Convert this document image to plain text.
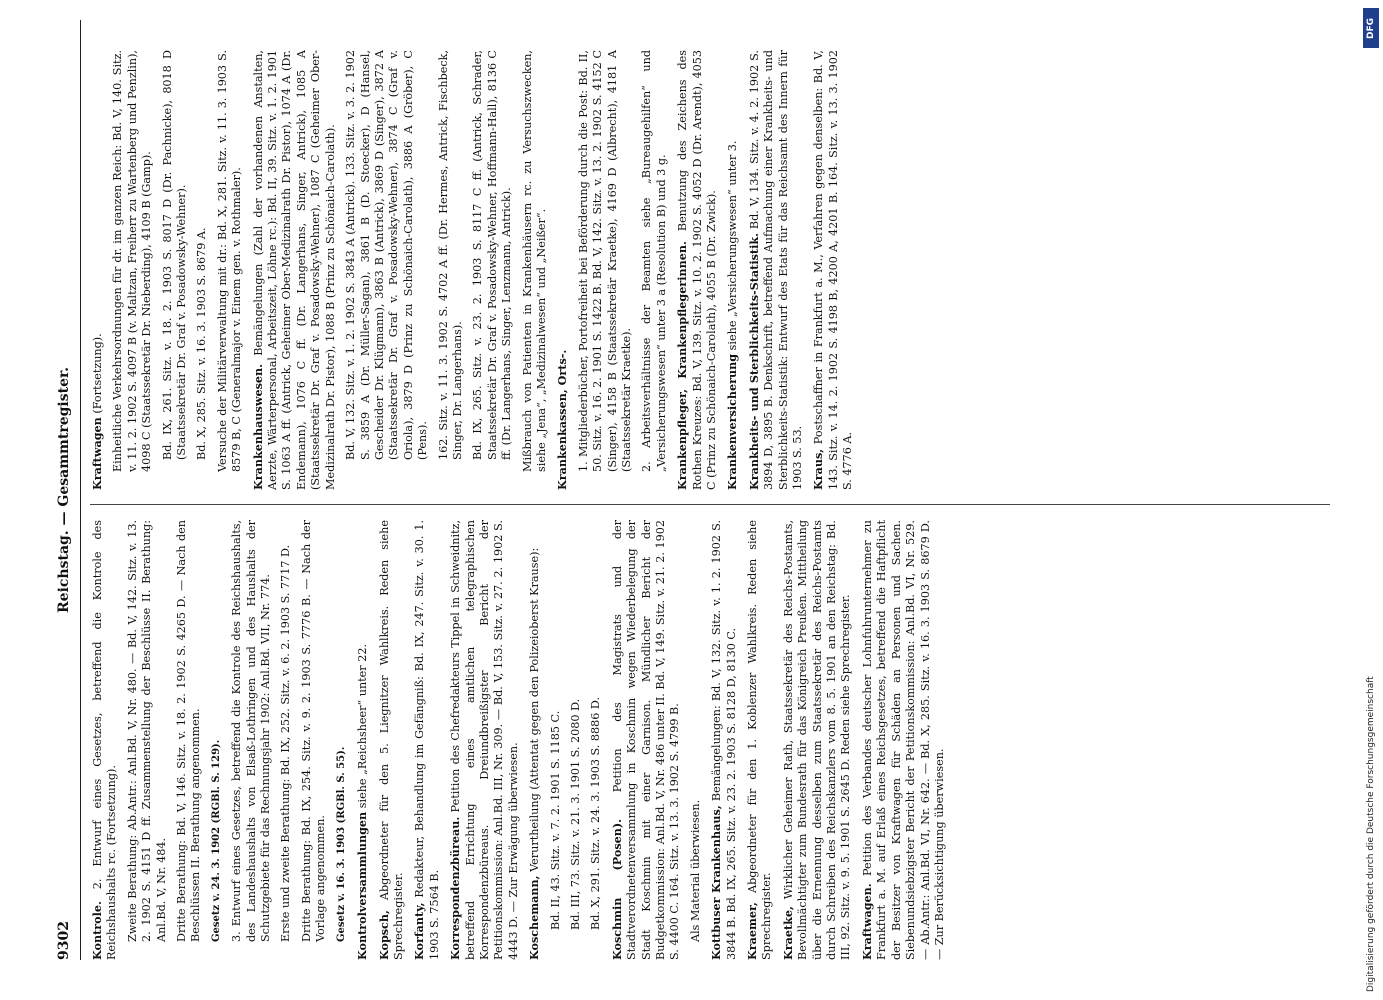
9302
Reichstag. — Gesammtregister.
Kontrole. 2. Entwurf eines Gesetzes, betreffend die Kontrole des Reichshaushalts rc. (Fortsetzung). Zweite Berathung: Ab.Antr.: Anl.Bd. V, Nr. 480. — Bd. V, 142. Sitz. v. 13. 2. 1902 S. 4151 D ff. Zusammenstellung der Beschlüsse II. Berathung: Anl.Bd. V, Nr. 484. Dritte Berathung: Bd. V, 146. Sitz. v. 18. 2. 1902 S. 4265 D. — Nach den Beschlüssen II. Berathung angenommen. Gesetz v. 24. 3. 1902 (RGBl. S. 129). 3. Entwurf eines Gesetzes, betreffend die Kontrole des Reichshaushalts, des Landeshaushalts von Elsaß-Lothringen und des Haushalts der Schutzgebiete für das Rechnungsjahr 1902: Anl.Bd. VII, Nr. 774. Erste und zweite Berathung: Bd. IX, 252. Sitz. v. 6. 2. 1903 S. 7717 D. Dritte Berathung: Bd. IX, 254. Sitz. v. 9. 2. 1903 S. 7776 B. — Nach der Vorlage angenommen. Gesetz v. 16. 3. 1903 (RGBl. S. 55). Kontrolversammlungen siehe „Reichsheer“ unter 22.
Kopsch, Abgeordneter für den 5. Liegnitzer Wahlkreis. Reden siehe Sprechregister. Korfanty, Redakteur, Behandlung im Gefängniß: Bd. IX, 247. Sitz. v. 30. 1. 1903 S. 7564 B. Korrespondenzbüreau. Petition des Chefredakteurs Tippel in Schweidnitz, betreffend Errichtung eines amtlichen telegraphischen Korrespondenzbüreaus. Dreiundbreißigster Bericht der Petitionskommission: Anl.Bd. III, Nr. 309. — Bd. V, 153. Sitz. v. 27. 2. 1902 S. 4443 D. — Zur Erwägung überwiesen. Koschemann, Verurtheilung (Attentat gegen den Polizeioberst Krause): Bd. II, 43. Sitz. v. 7. 2. 1901 S. 1185 C. Bd. III, 73. Sitz. v. 21. 3. 1901 S. 2080 D. Bd. X, 291. Sitz. v. 24. 3. 1903 S. 8886 D. Koschmin (Posen). Petition des Magistrats und der Stadtverordnetenversammlung in Koschmin wegen Wiederbelegung der Stadt Koschmin mit einer Garnison. Mündlicher Bericht der Budgetkommission: Anl.Bd. V, Nr. 486 unter II. Bd. V, 149. Sitz. v. 21. 2. 1902 S. 4400 C. 164. Sitz. v. 13. 3. 1902 S. 4799 B. Als Material überwiesen. Kottbuser Krankenhaus, Bemängelungen: Bd. V, 132. Sitz. v. 1. 2. 1902 S. 3844 B. Bd. IX, 265. Sitz. v. 23. 2. 1903 S. 8128 D, 8130 C. Kraemer, Abgeordneter für den 1. Koblenzer Wahlkreis. Reden siehe Sprechregister. Kraetke, Wirklicher Geheimer Rath, Staatssekretär des Reichs-Postamts, Bevollmächtigter zum Bundesrath für das Königreich Preußen. Mittheilung über die Ernennung desselben zum Staatssekretär des Reichs-Postamts durch Schreiben des Reichskanzlers vom 8. 5. 1901 an den Reichstag: Bd. III, 92. Sitz. v. 9. 5. 1901 S. 2645 D. Reden siehe Sprechregister. Kraftwagen. Petition des Verbandes deutscher Lohnfuhrunternehmer zu Frankfurt a. M. auf Erlaß eines Reichsgesetzes, betreffend die Haftpflicht der Besitzer von Kraftwagen für Schäden an Personen und Sachen. Siebenundsiebzigster Bericht der Petitionskommission: Anl.Bd. VI, Nr. 529. — Ab.Antr.: Anl.Bd. VI, Nr. 642. — Bd. X, 285. Sitz. v. 16. 3. 1903 S. 8679 D. — Zur Berücksichtigung überwiesen.
Kraftwagen (Fortsetzung). Einheitliche Verkehrsordnungen für dr. im ganzen Reich: Bd. V, 140. Sitz. v. 11. 2. 1902 S. 4097 B (v. Maltzan, Freiherr zu Wartenberg und Penzlin), 4098 C (Staatssekretär Dr. Nieberding), 4109 B (Gamp). Bd. IX, 261. Sitz. v. 18. 2. 1903 S. 8017 D (Dr. Pachnicke), 8018 D (Staatssekretär Dr. Graf v. Posadowsky-Wehner). Bd. X, 285. Sitz. v. 16. 3. 1903 S. 8679 A. Versuche der Militärverwaltung mit dr.: Bd. X, 281. Sitz. v. 11. 3. 1903 S. 8579 B, C (Generalmajor v. Einem gen. v. Rothmaler). Krankenhauswesen. Bemängelungen (Zahl der vorhandenen Anstalten, Aerzte, Wärterpersonal, Arbeitszeit, Löhne rc.): Bd. II, 39. Sitz. v. 1. 2. 1901 S. 1063 A ff. (Antrick, Geheimer Ober-Medizinalrath Dr. Pistor), 1074 A (Dr. Endemann), 1076 C ff. (Dr. Langerhans, Singer, Antrick), 1085 A (Staatssekretär Dr. Graf v. Posadowsky-Wehner), 1087 C (Geheimer Ober-Medizinalrath Dr. Pistor), 1088 B (Prinz zu Schönaich-Carolath). Bd. V, 132. Sitz. v. 1. 2. 1902 S. 3843 A (Antrick). 133. Sitz. v. 3. 2. 1902 S. 3859 A (Dr. Müller-Sagan), 3861 B (D. Stoecker), D (Hansel, Gescheider Dr. Klügmann), 3863 B (Antrick), 3869 D (Singer), 3872 A (Staatssekretär Dr. Graf v. Posadowsky-Wehner), 3874 C (Graf v. Oriola), 3879 D (Prinz zu Schönaich-Carolath), 3886 A (Gröber), C (Pens). 162. Sitz. v. 11. 3. 1902 S. 4702 A ff. (Dr. Hermes, Antrick, Fischbeck, Singer, Dr. Langerhans). Bd. IX, 265. Sitz. v. 23. 2. 1903 S. 8117 C ff. (Antrick, Schrader, Staatssekretär Dr. Graf v. Posadowsky-Wehner, Hoffmann-Hall), 8136 C ff. (Dr. Langerhans, Singer, Lenzmann, Antrick). Mißbrauch von Patienten in Krankenhäusern rc. zu Versuchszwecken, siehe „Jena“, „Medizinalwesen“ und „Neißer“. Krankenkassen, Orts-. 1. Mitgliederbücher, Portofreiheit bei Beförderung durch die Post: Bd. II, 50. Sitz. v. 16. 2. 1901 S. 1422 B. Bd. V, 142. Sitz. v. 13. 2. 1902 S. 4152 C (Singer), 4158 B (Staatssekretär Kraetke), 4169 D (Albrecht), 4181 A (Staatssekretär Kraetke). 2. Arbeitsverhältnisse der Beamten siehe „Bureaugehilfen“ und „Versicherungswesen“ unter 3 a (Resolution B) und 3 g. Krankenpfleger, Krankenpflegerinnen. Benutzung des Zeichens des Rothen Kreuzes: Bd. V, 139. Sitz. v. 10. 2. 1902 S. 4052 D (Dr. Arendt), 4053 C (Prinz zu Schönaich-Carolath), 4055 B (Dr. Zwick). Krankenversicherung siehe „Versicherungswesen“ unter 3. Krankheits- und Sterblichkeits-Statistik. Bd. V, 134. Sitz. v. 4. 2. 1902 S. 3894 D, 3895 B. Denkschrift, betreffend Aufmachung einer Krankheits- und Sterblichkeits-Statistik: Entwurf des Etats für das Reichsamt des Innern für 1903 S. 53. Kraus, Postschaffner in Frankfurt a. M., Verfahren gegen denselben: Bd. V, 143. Sitz. v. 14. 2. 1902 S. 4198 B, 4200 A, 4201 B. 164. Sitz. v. 13. 3. 1902 S. 4776 A.
DFG
Digitalisierung gefördert durch die Deutsche Forschungsgemeinschaft
